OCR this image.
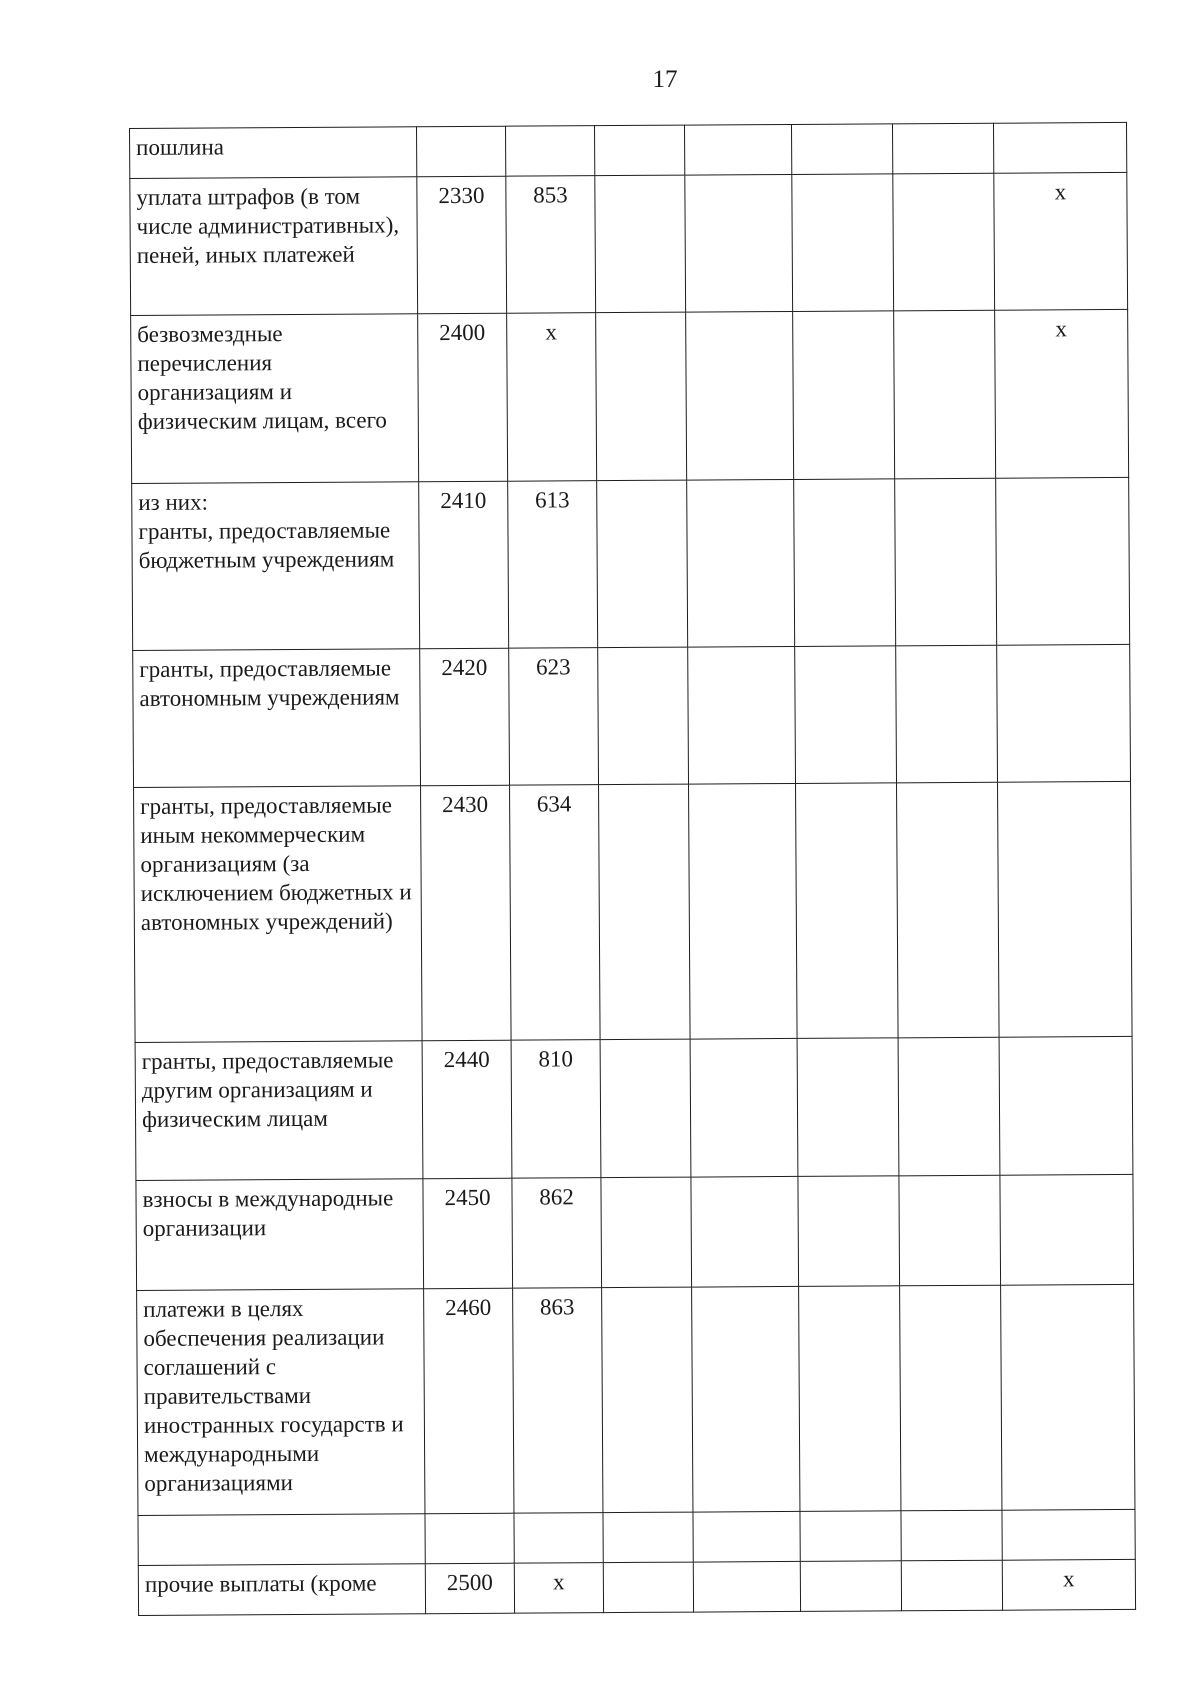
17
пошлина							
уплата штрафов (в том числе административных), пеней, иных платежей	2330	853					x
безвозмездные перечисления организациям и физическим лицам, всего	2400	x					x
из них:
гранты, предоставляемые бюджетным учреждениям	2410	613					
гранты, предоставляемые автономным учреждениям	2420	623					
гранты, предоставляемые иным некоммерческим организациям (за исключением бюджетных и автономных учреждений)	2430	634					
гранты, предоставляемые другим организациям и физическим лицам	2440	810					
взносы в международные организации	2450	862					
платежи в целях обеспечения реализации соглашений с правительствами иностранных государств и международными организациями	2460	863					

прочие выплаты (кроме	2500	x					x
